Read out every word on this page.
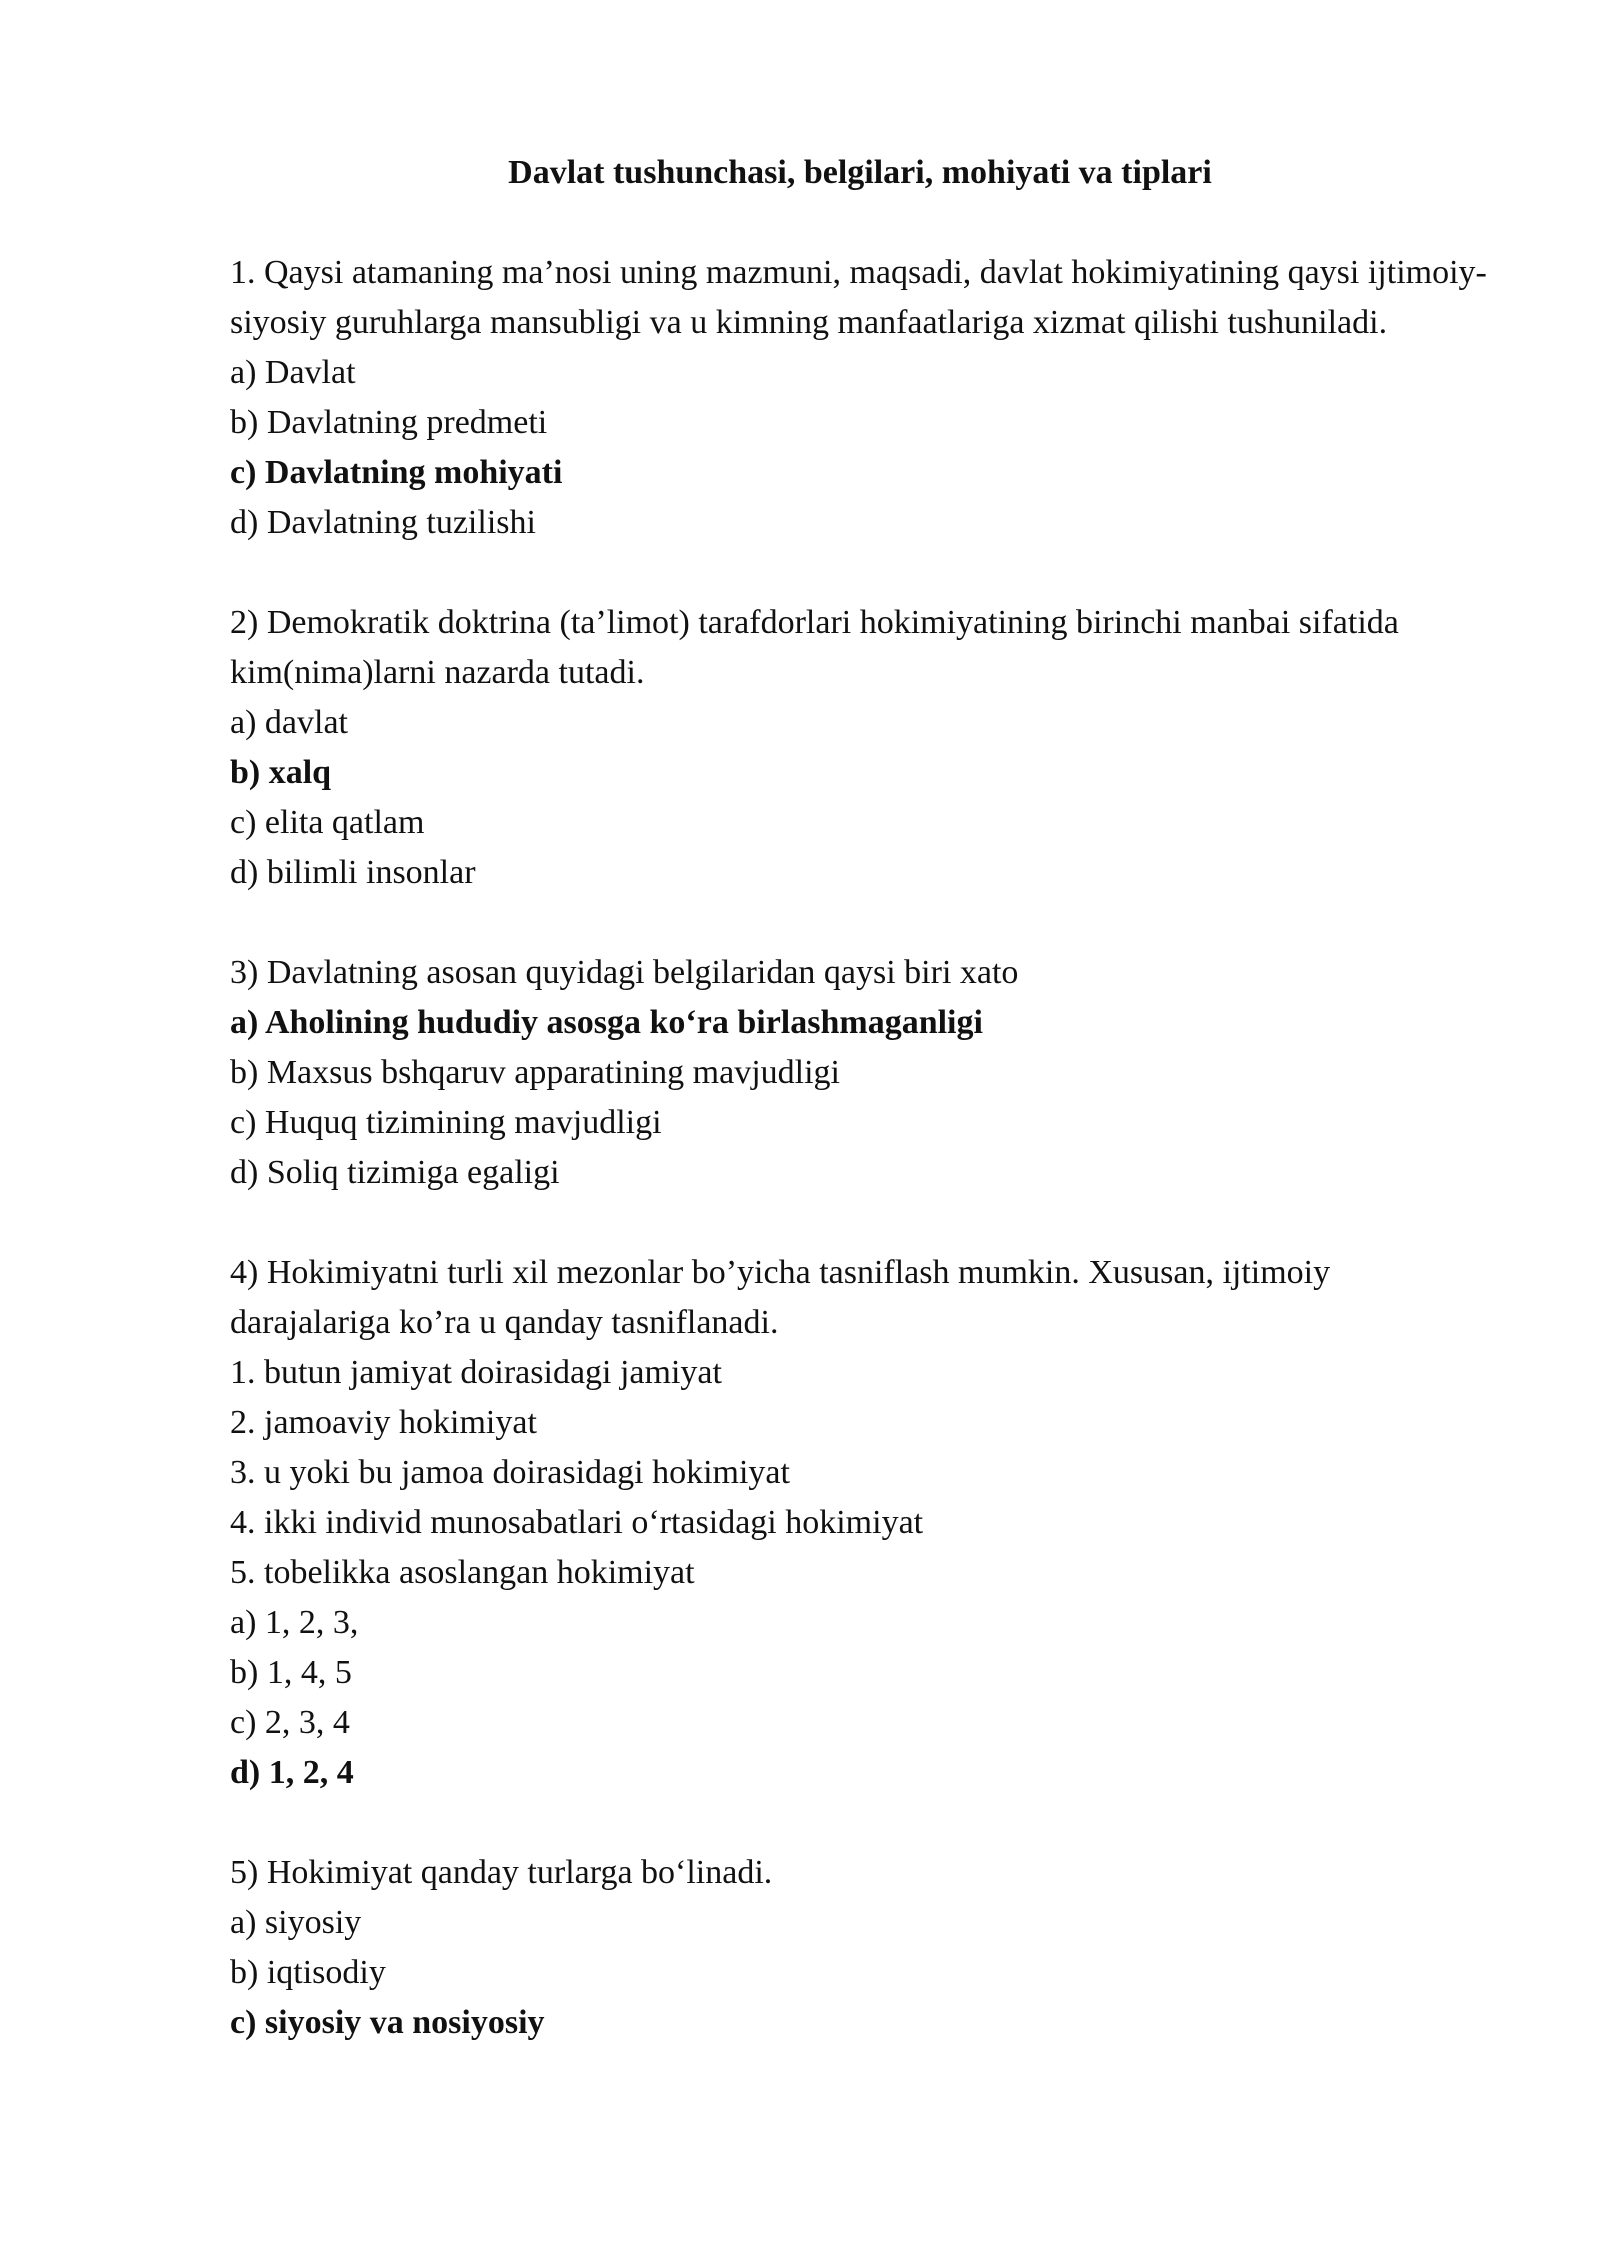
Davlat tushunchasi, belgilari, mohiyati va tiplari

1. Qaysi atamaning ma’nosi uning mazmuni, maqsadi, davlat hokimiyatining qaysi ijtimoiy-siyosiy guruhlarga mansubligi va u kimning manfaatlariga xizmat qilishi tushuniladi.

a) Davlat

b) Davlatning predmeti

c) Davlatning mohiyati

d) Davlatning tuzilishi

2) Demokratik doktrina (ta’limot) tarafdorlari hokimiyatining birinchi manbai sifatida kim(nima)larni nazarda tutadi.

a) davlat

b) xalq

c) elita qatlam

d) bilimli insonlar

3) Davlatning asosan quyidagi belgilaridan qaysi biri xato

a) Aholining hududiy asosga ko‘ra birlashmaganligi

b) Maxsus bshqaruv apparatining mavjudligi

c) Huquq tizimining mavjudligi

d) Soliq tizimiga egaligi

4) Hokimiyatni turli xil mezonlar bo’yicha tasniflash mumkin. Xususan, ijtimoiy darajalariga ko’ra u qanday tasniflanadi.

1. butun jamiyat doirasidagi jamiyat

2. jamoaviy hokimiyat

3. u yoki bu jamoa doirasidagi hokimiyat

4. ikki individ munosabatlari o‘rtasidagi hokimiyat

5. tobelikka asoslangan hokimiyat

a) 1, 2, 3,

b) 1, 4, 5

c) 2, 3, 4

d) 1, 2, 4

5) Hokimiyat qanday turlarga bo‘linadi.

a) siyosiy

b) iqtisodiy

c) siyosiy va nosiyosiy
